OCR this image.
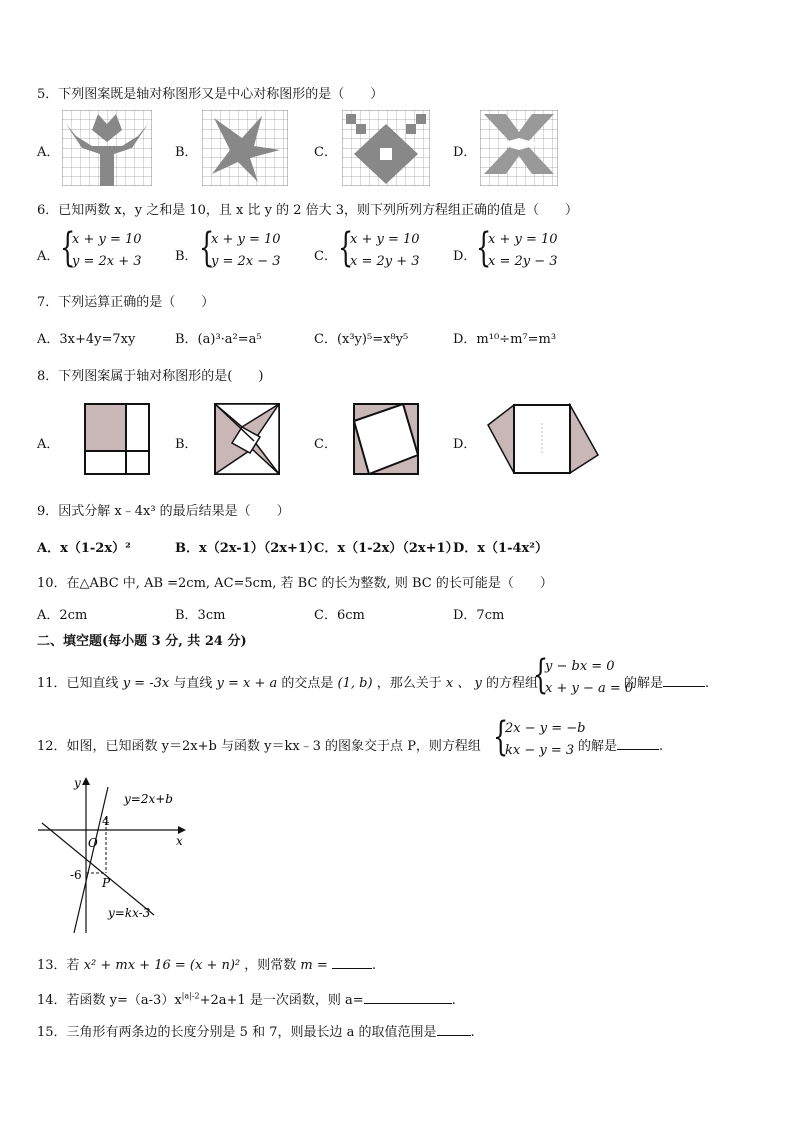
5．下列图案既是轴对称图形又是中心对称图形的是（　　）
A．	B．	C．	D．
6．已知两数 x，y 之和是 10，且 x 比 y 的 2 倍大 3，则下列所列方程组正确的值是（　　）
A． {
x + y = 10
y = 2x + 3	B． {
x + y = 10
y = 2x − 3	C． {
x + y = 10
x = 2y + 3	D． {
x + y = 10
x = 2y − 3
7．下列运算正确的是（　　）
A．3x+4y=7xy	B．(a)³·a²=a⁵	C．(x³y)⁵=x⁸y⁵	D．m¹⁰÷m⁷=m³
8．下列图案属于轴对称图形的是(　　)
A．	B．	C．	D．
9．因式分解 x﹣4x³ 的最后结果是（　　）
A．x（1-2x）²	B．x（2x-1）（2x+1）
C．x（1-2x）（2x+1）
D．x（1-4x²）
10．在△ABC 中, AB =2cm, AC=5cm, 若 BC 的长为整数, 则 BC 的长可能是（　　）
A．2cm	B．3cm	C．6cm	D．7cm
二、填空题(每小题 3 分, 共 24 分)
11．已知直线 y = -3x 与直线 y = x + a 的交点是 (1, b) ，那么关于 x 、 y 的方程组
{
y − bx = 0
x + y − a = 0
的解是	.
12．如图，已知函数 y＝2x+b 与函数 y＝kx﹣3 的图象交于点 P，则方程组 {
2x − y = −b
kx − y = 3 的解是	.
y
x
O
4
-6
P
y=2x+b
y=kx-3
13．若 x² + mx + 16 = (x + n)² ，则常数 m =	.
14．若函数 $y=(a-3)x^{|a|-2}+2a+1$ 是一次函数，则 a=	.
15．三角形有两条边的长度分别是 5 和 7，则最长边 a 的取值范围是	.
